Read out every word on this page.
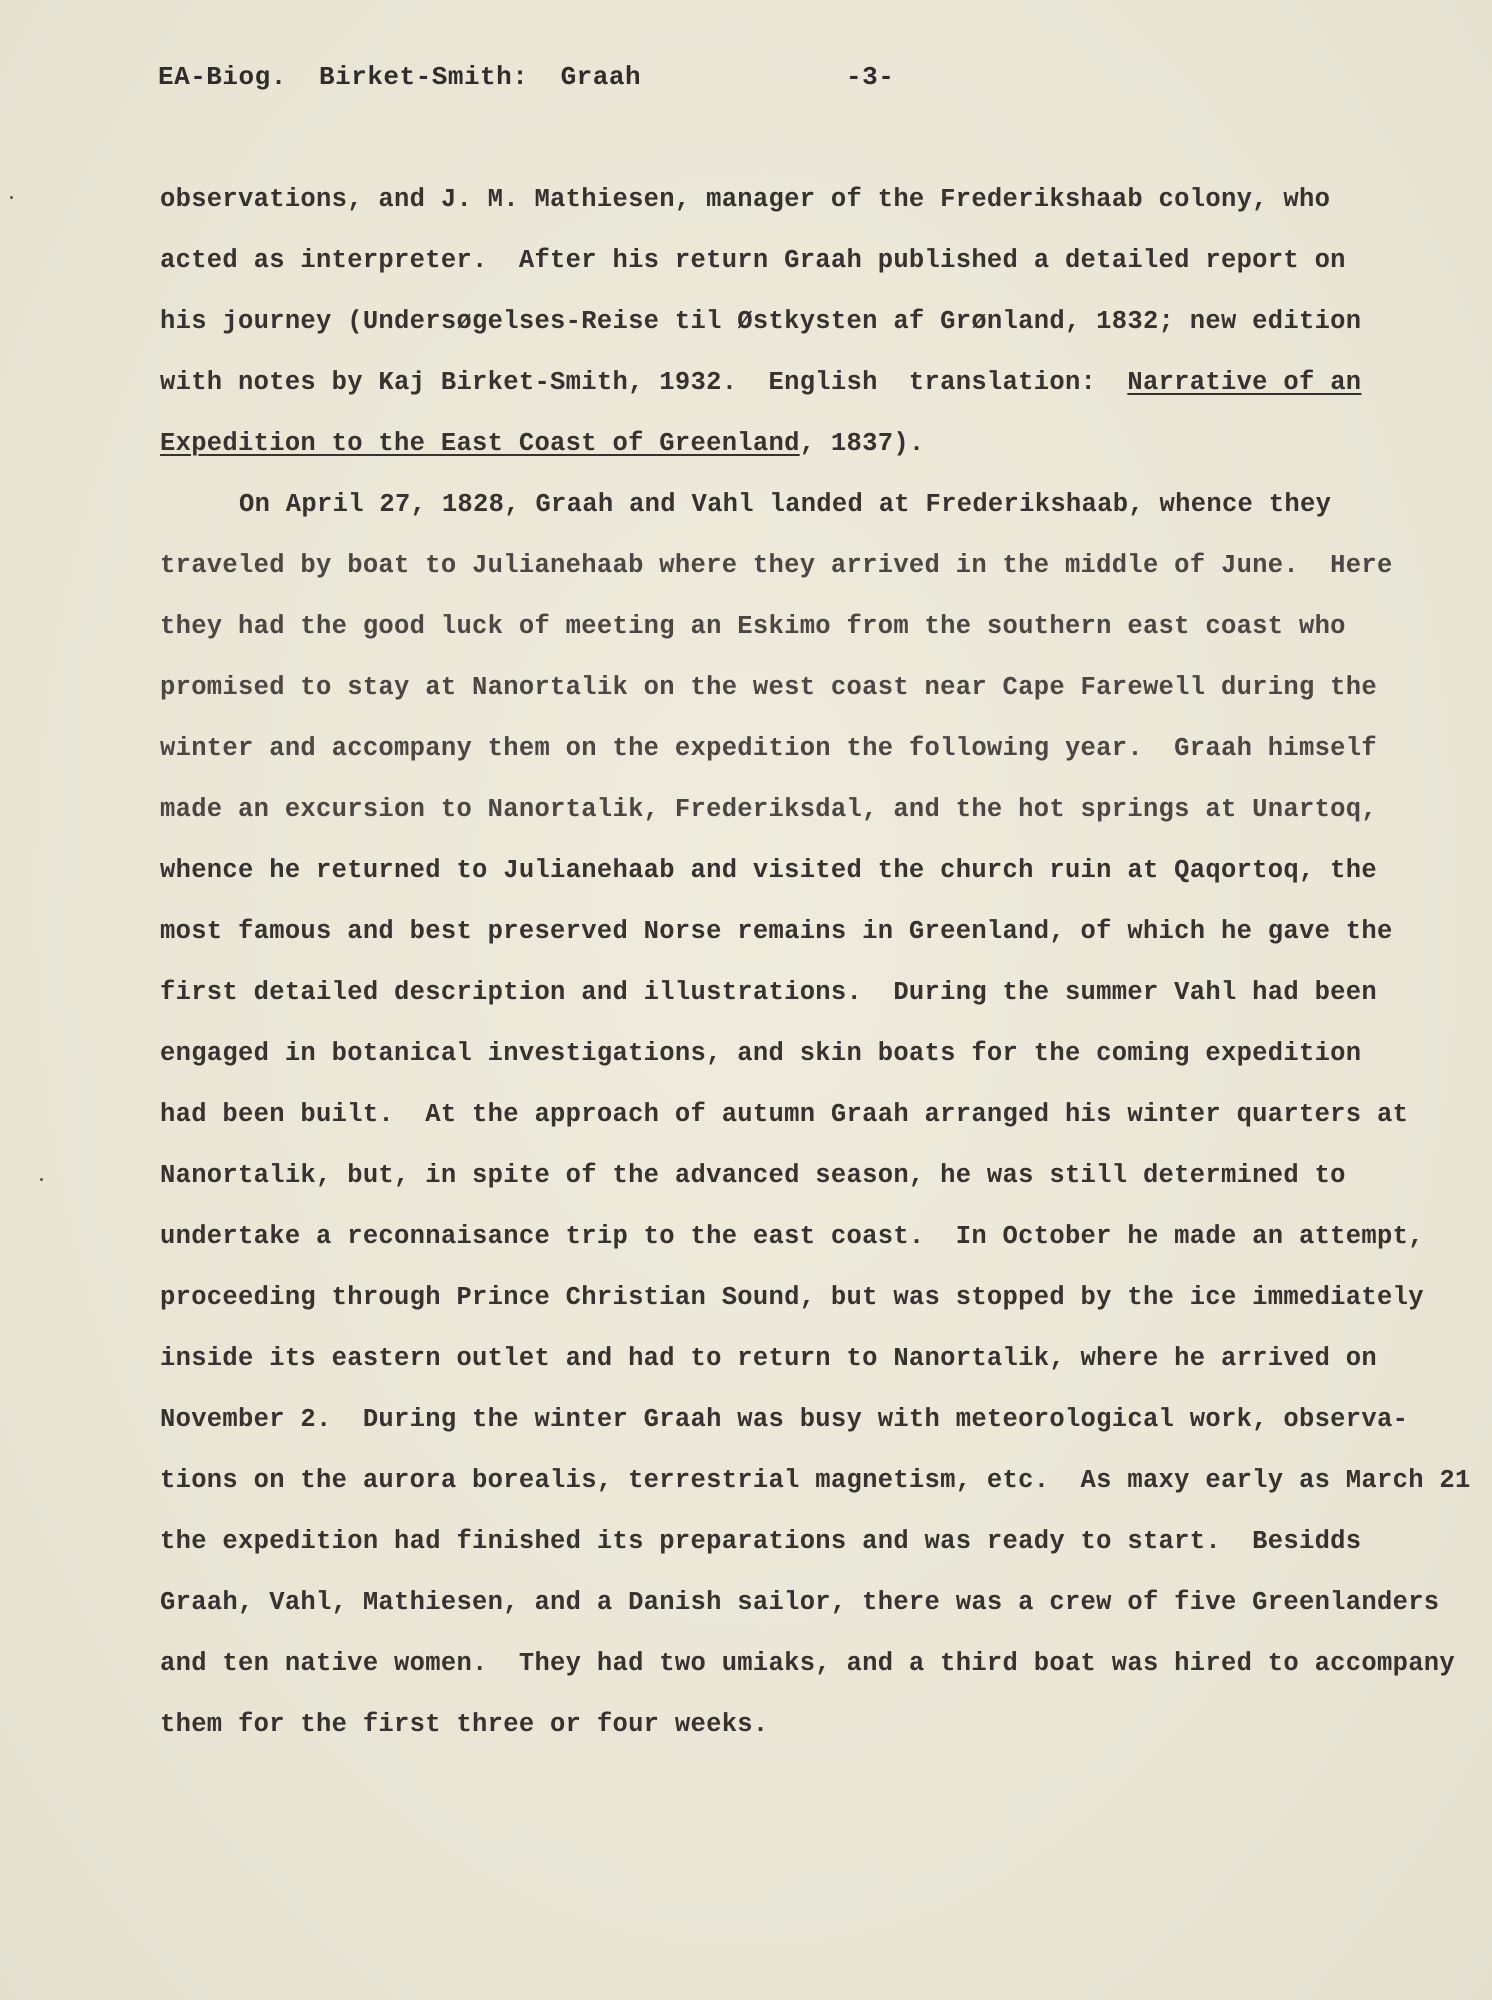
EA-Biog.  Birket-Smith:  Graah	-3-
observations, and J. M. Mathiesen, manager of the Frederikshaab colony, who
acted as interpreter.  After his return Graah published a detailed report on
his journey (Undersøgelses-Reise til Østkysten af Grønland, 1832; new edition
with notes by Kaj Birket-Smith, 1932.  English  translation:  Narrative of an
Expedition to the East Coast of Greenland, 1837).
On April 27, 1828, Graah and Vahl landed at Frederikshaab, whence they
traveled by boat to Julianehaab where they arrived in the middle of June.  Here
they had the good luck of meeting an Eskimo from the southern east coast who
promised to stay at Nanortalik on the west coast near Cape Farewell during the
winter and accompany them on the expedition the following year.  Graah himself
made an excursion to Nanortalik, Frederiksdal, and the hot springs at Unartoq,
whence he returned to Julianehaab and visited the church ruin at Qaqortoq, the
most famous and best preserved Norse remains in Greenland, of which he gave the
first detailed description and illustrations.  During the summer Vahl had been
engaged in botanical investigations, and skin boats for the coming expedition
had been built.  At the approach of autumn Graah arranged his winter quarters at
Nanortalik, but, in spite of the advanced season, he was still determined to
undertake a reconnaisance trip to the east coast.  In October he made an attempt,
proceeding through Prince Christian Sound, but was stopped by the ice immediately
inside its eastern outlet and had to return to Nanortalik, where he arrived on
November 2.  During the winter Graah was busy with meteorological work, observa-
tions on the aurora borealis, terrestrial magnetism, etc.  As maxy early as March 21
the expedition had finished its preparations and was ready to start.  Besidds
Graah, Vahl, Mathiesen, and a Danish sailor, there was a crew of five Greenlanders
and ten native women.  They had two umiaks, and a third boat was hired to accompany
them for the first three or four weeks.
